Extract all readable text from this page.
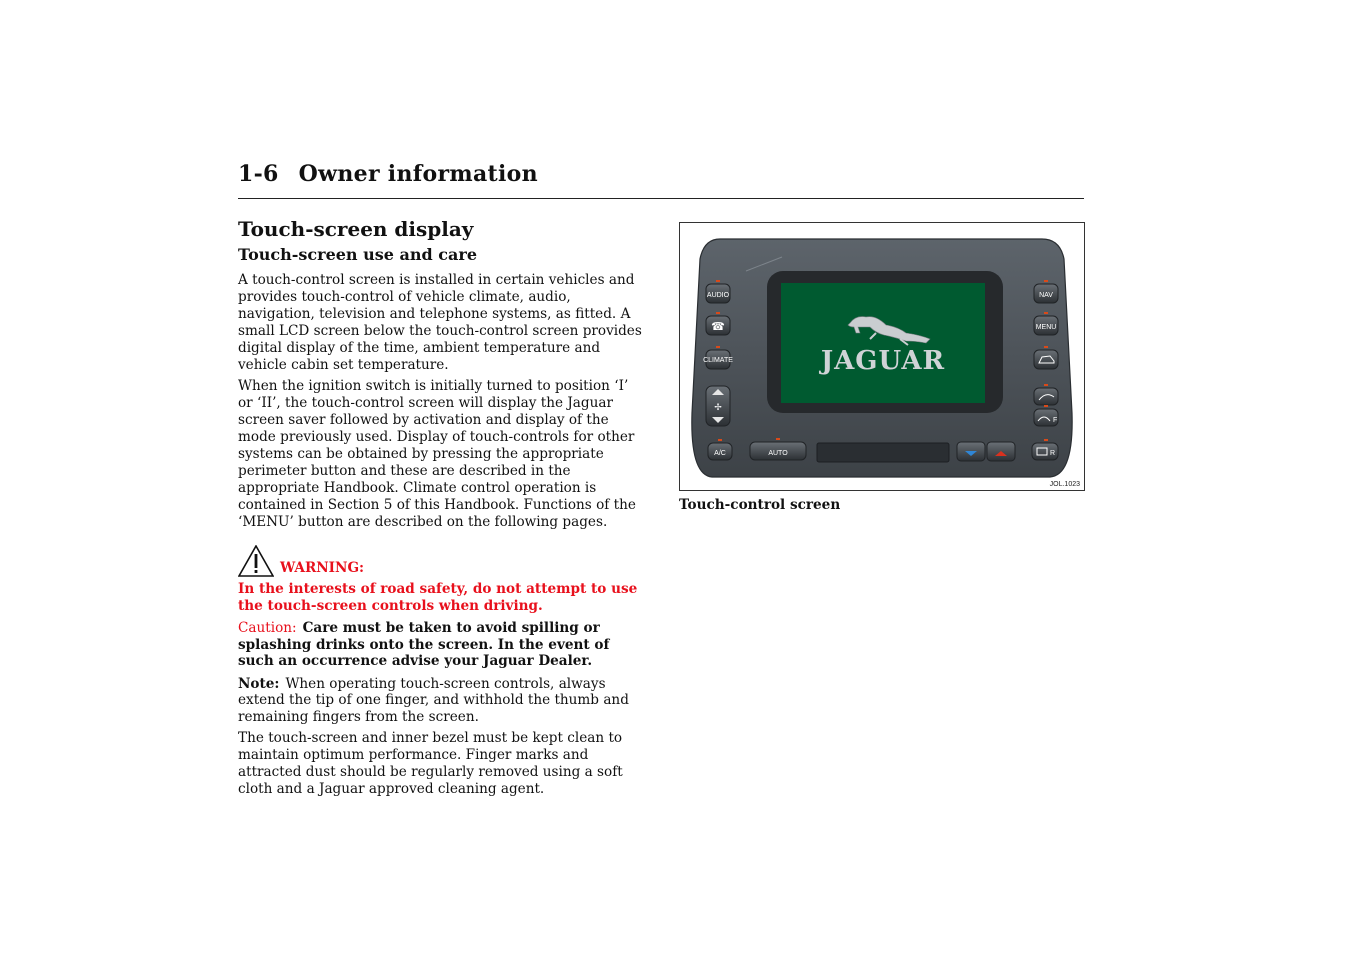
1-6 Owner information
Touch-screen display
Touch-screen use and care

A touch-control screen is installed in certain vehicles and provides touch-control of vehicle climate, audio, navigation, television and telephone systems, as fitted. A small LCD screen below the touch-control screen provides digital display of the time, ambient temperature and vehicle cabin set temperature.

When the ignition switch is initially turned to position ‘I’ or ‘II’, the touch-control screen will display the Jaguar screen saver followed by activation and display of the mode previously used. Display of touch-controls for other systems can be obtained by pressing the appropriate perimeter button and these are described in the appropriate Handbook. Climate control operation is contained in Section 5 of this Handbook. Functions of the ‘MENU’ button are described on the following pages.

WARNING:

In the interests of road safety, do not attempt to use the touch-screen controls when driving.

Caution: Care must be taken to avoid spilling or splashing drinks onto the screen. In the event of such an occurrence advise your Jaguar Dealer.

Note: When operating touch-screen controls, always extend the tip of one finger, and withhold the thumb and remaining fingers from the screen.

The touch-screen and inner bezel must be kept clean to maintain optimum performance. Finger marks and attracted dust should be regularly removed using a soft cloth and a Jaguar approved cleaning agent.

JAGUAR
AUDIO
☎
CLIMATE
✢
A/C	AUTO
NAV
MENU
F
R
JOL.1023
Touch-control screen
